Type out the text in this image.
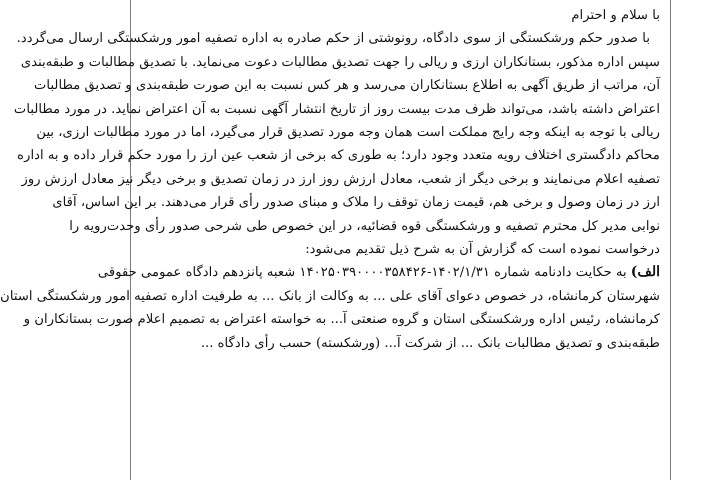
با سلام و احترام
با صدور حکم ورشکستگی از سوی دادگاه، رونوشتی از حکم صادره به اداره تصفیه امور ورشکستگی ارسال می‌گردد.
سپس اداره مذکور، بستانکاران ارزی و ریالی را جهت تصدیق مطالبات دعوت می‌نماید. با تصدیق مطالبات و طبقه‌بندی
آن، مراتب از طریق آگهی به اطلاع بستانکاران می‌رسد و هر کس نسبت به این صورت طبقه‌بندی و تصدیق مطالبات
اعتراض داشته باشد، می‌تواند ظرف مدت بیست روز از تاریخ انتشار آگهی نسبت به آن اعتراض نماید. در مورد مطالبات
ریالی با توجه به اینکه وجه رایج مملکت است همان وجه مورد تصدیق قرار می‌گیرد، اما در مورد مطالبات ارزی، بین
محاکم دادگستری اختلاف رویه متعدد وجود دارد؛ به طوری که برخی از شعب عین ارز را مورد حکم قرار داده و به اداره
تصفیه اعلام می‌نمایند و برخی دیگر از شعب، معادل ارزش روز ارز در زمان تصدیق و برخی دیگر نیز معادل ارزش روز
ارز در زمان وصول و برخی هم، قیمت زمان توقف را ملاک و مبنای صدور رأی قرار می‌دهند. بر این اساس، آقای
نوابی مدیر کل محترم تصفیه و ورشکستگی قوه قضائیه، در این خصوص طی شرحی صدور رأی وحدت‌رویه را
درخواست نموده است که گزارش آن به شرح ذیل تقدیم می‌شود:
الف)به حکایت دادنامه شماره ۱۴۰۲/۱/۳۱-۱۴۰۲۵۰۳۹۰۰۰۰۳۵۸۴۲۶ شعبه پانزدهم دادگاه عمومی حقوقی
شهرستان کرمانشاه، در خصوص دعوای آقای علی ... به وکالت از بانک ... به طرفیت اداره تصفیه امور ورشکستگی استان
کرمانشاه، رئیس اداره ورشکستگی استان و گروه صنعتی آ... به خواسته اعتراض به تصمیم اعلام صورت بستانکاران و
طبقه‌بندی و تصدیق مطالبات بانک ... از شرکت آ... (ورشکسته) حسب رأی دادگاه ...
